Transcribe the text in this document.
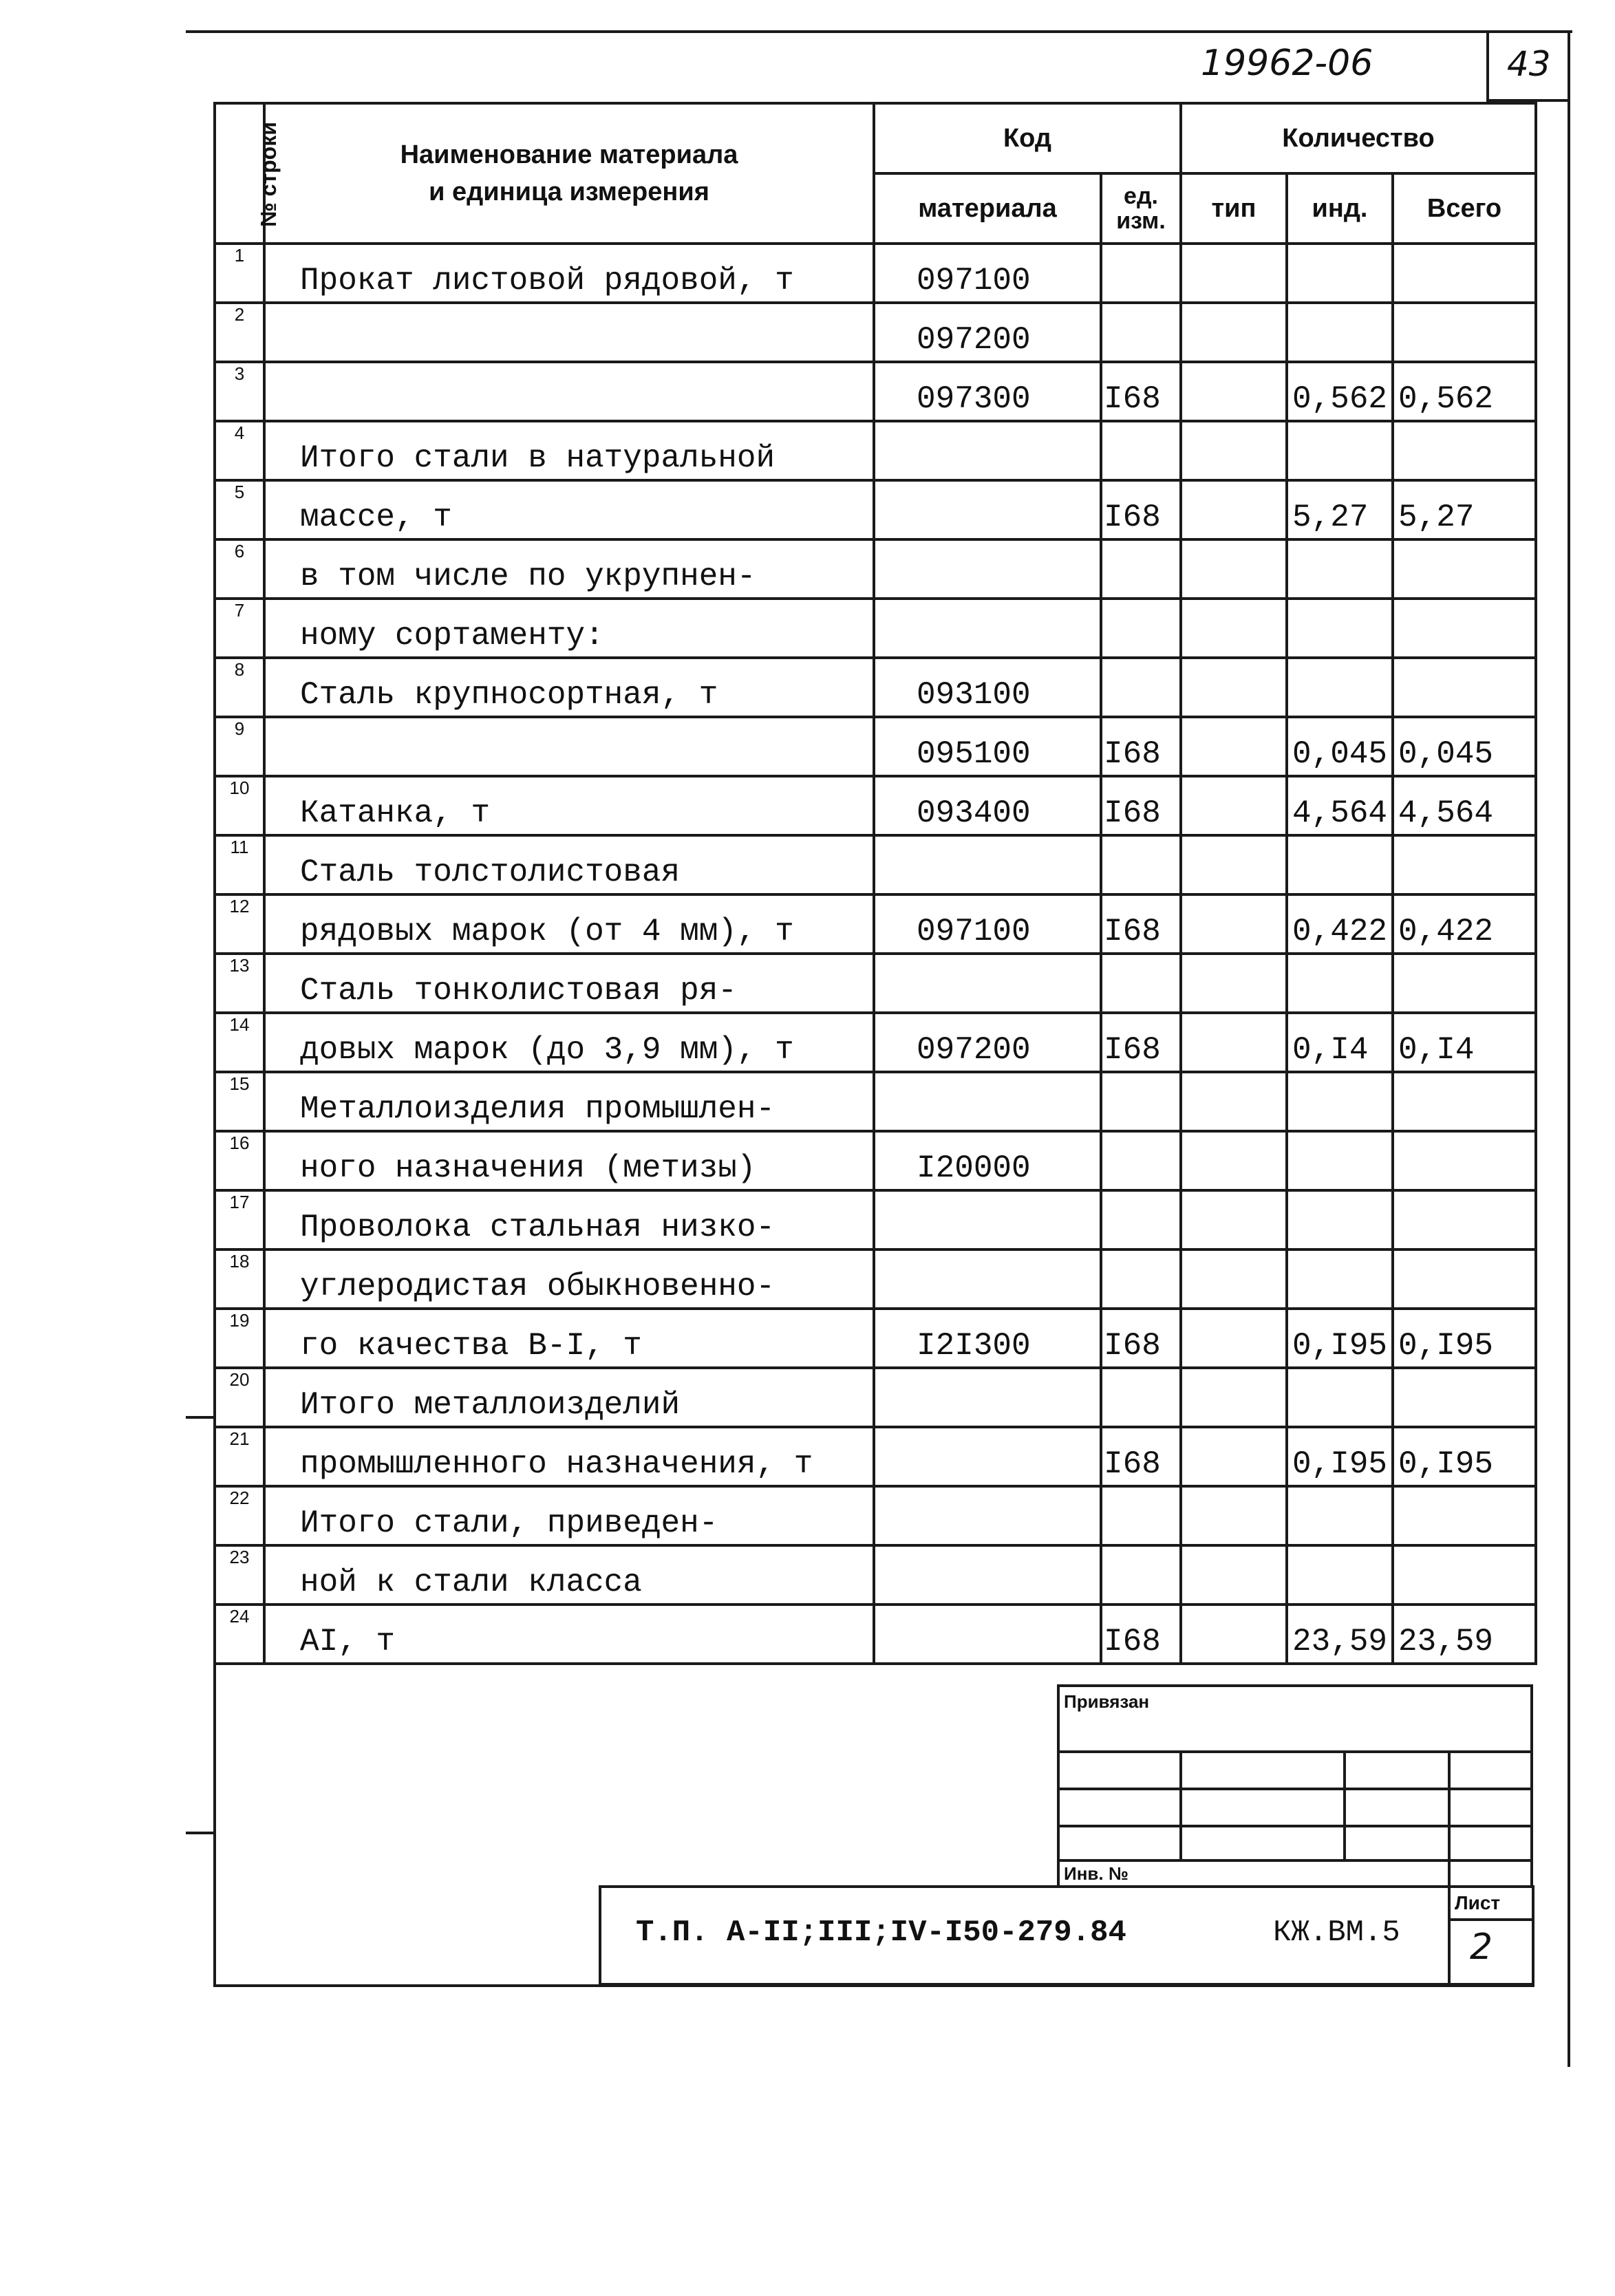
19962-06	43
№ строки	Наименование материала
и единица измерения	Код		Количество		
		материала	ед. изм.	тип	инд.	Всего
1	Прокат листовой рядовой, т	097100				
2		097200				
3		097300	I68		0,562	0,562
4	Итого стали в натуральной					
5	массе, т		I68		5,27	5,27
6	в том числе по укрупнен-					
7	ному сортаменту:					
8	Сталь крупносортная, т	093100				
9		095100	I68		0,045	0,045
10	Катанка, т	093400	I68		4,564	4,564
11	Сталь толстолистовая					
12	рядовых марок (от 4 мм), т	097100	I68		0,422	0,422
13	Сталь тонколистовая ря-					
14	довых марок (до 3,9 мм), т	097200	I68		0,I4	0,I4
15	Металлоизделия промышлен-					
16	ного назначения (метизы)	I20000				
17	Проволока стальная низко-					
18	углеродистая обыкновенно-					
19	го качества В-I, т	I2I300	I68		0,I95	0,I95
20	Итого металлоизделий					
21	промышленного назначения, т		I68		0,I95	0,I95
22	Итого стали, приведен-					
23	ной к стали класса					
24	AI, т		I68		23,59	23,59
Привязан
Инв. №
Т.П. А-II;III;IV-I50-279.84	КЖ.ВМ.5
Лист
2
